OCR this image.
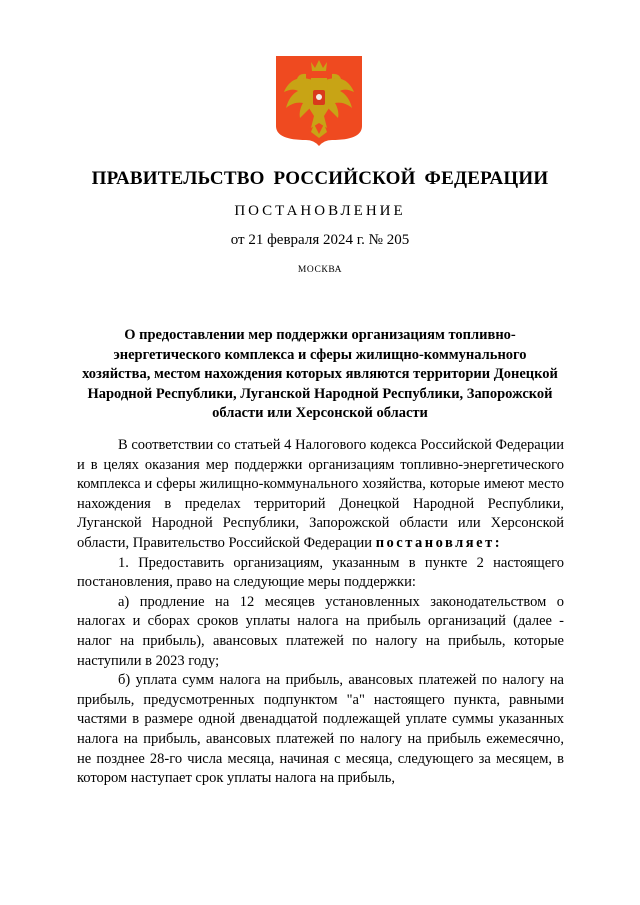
ПРАВИТЕЛЬСТВО РОССИЙСКОЙ ФЕДЕРАЦИИ
ПОСТАНОВЛЕНИЕ
от 21 февраля 2024 г. № 205
МОСКВА
О предоставлении мер поддержки организациям топливно-энергетического комплекса и сферы жилищно-коммунального хозяйства, местом нахождения которых являются территории Донецкой Народной Республики, Луганской Народной Республики, Запорожской области или Херсонской области

В соответствии со статьей 4 Налогового кодекса Российской Федерации и в целях оказания мер поддержки организациям топливно-энергетического комплекса и сферы жилищно-коммунального хозяйства, которые имеют место нахождения в пределах территорий Донецкой Народной Республики, Луганской Народной Республики, Запорожской области или Херсонской области, Правительство Российской Федерации постановляет:

1. Предоставить организациям, указанным в пункте 2 настоящего постановления, право на следующие меры поддержки:

а) продление на 12 месяцев установленных законодательством о налогах и сборах сроков уплаты налога на прибыль организаций (далее - налог на прибыль), авансовых платежей по налогу на прибыль, которые наступили в 2023 году;

б) уплата сумм налога на прибыль, авансовых платежей по налогу на прибыль, предусмотренных подпунктом "а" настоящего пункта, равными частями в размере одной двенадцатой подлежащей уплате суммы указанных налога на прибыль, авансовых платежей по налогу на прибыль ежемесячно, не позднее 28-го числа месяца, начиная с месяца, следующего за месяцем, в котором наступает срок уплаты налога на прибыль,
